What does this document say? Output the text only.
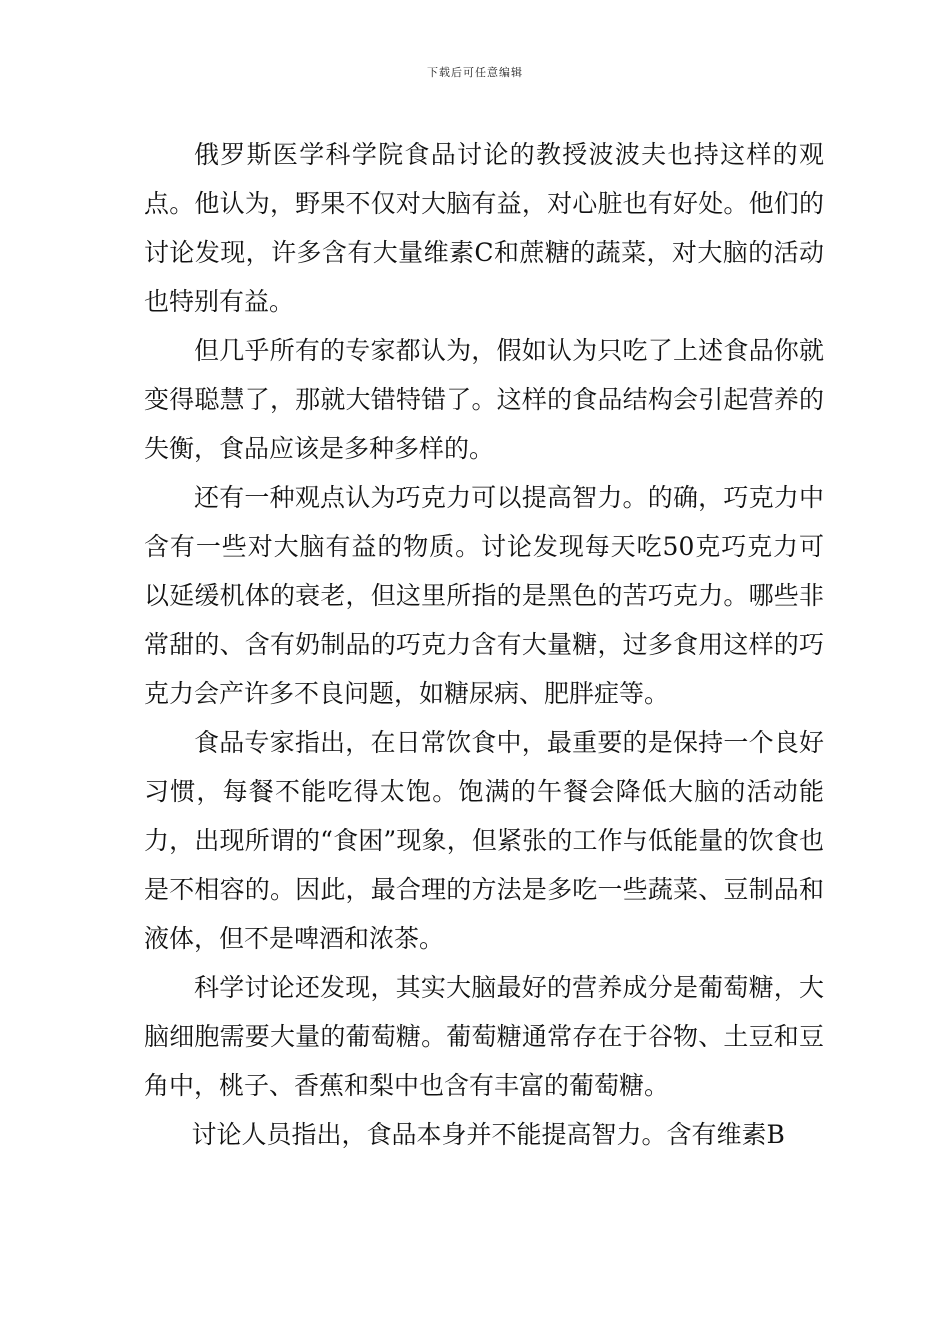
下载后可任意编辑

俄罗斯医学科学院食品讨论的教授波波夫也持这样的观点。他认为，野果不仅对大脑有益，对心脏也有好处。他们的讨论发现，许多含有大量维素C和蔗糖的蔬菜，对大脑的活动也特别有益。

但几乎所有的专家都认为，假如认为只吃了上述食品你就变得聪慧了，那就大错特错了。这样的食品结构会引起营养的失衡，食品应该是多种多样的。

还有一种观点认为巧克力可以提高智力。的确，巧克力中含有一些对大脑有益的物质。讨论发现每天吃50克巧克力可以延缓机体的衰老，但这里所指的是黑色的苦巧克力。哪些非常甜的、含有奶制品的巧克力含有大量糖，过多食用这样的巧克力会产许多不良问题，如糖尿病、肥胖症等。

食品专家指出，在日常饮食中，最重要的是保持一个良好习惯，每餐不能吃得太饱。饱满的午餐会降低大脑的活动能力，出现所谓的“食困”现象，但紧张的工作与低能量的饮食也是不相容的。因此，最合理的方法是多吃一些蔬菜、豆制品和液体，但不是啤酒和浓茶。

科学讨论还发现，其实大脑最好的营养成分是葡萄糖，大脑细胞需要大量的葡萄糖。葡萄糖通常存在于谷物、土豆和豆角中，桃子、香蕉和梨中也含有丰富的葡萄糖。

讨论人员指出，食品本身并不能提高智力。含有维素B
